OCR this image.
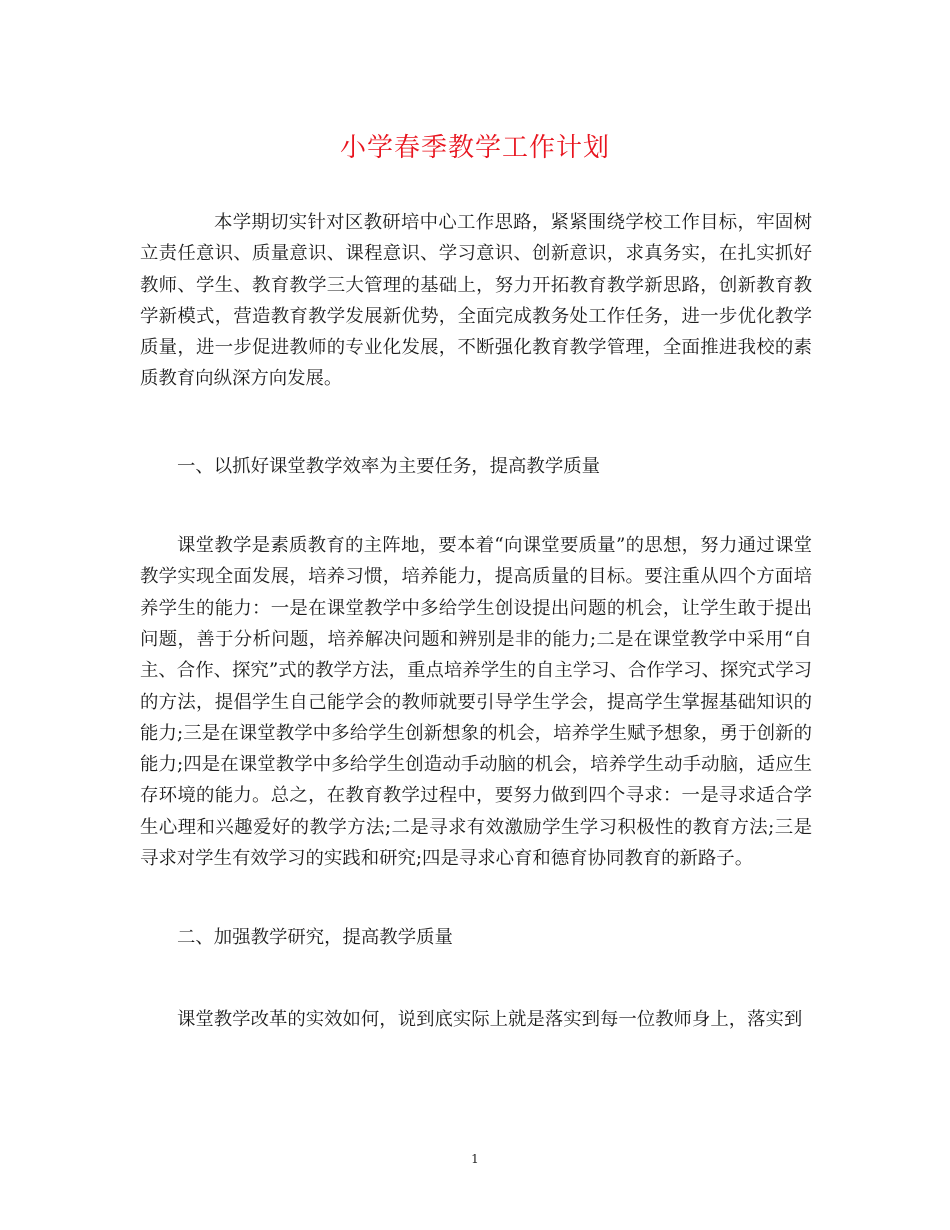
小学春季教学工作计划

本学期切实针对区教研培中心工作思路，紧紧围绕学校工作目标，牢固树立责任意识、质量意识、课程意识、学习意识、创新意识，求真务实，在扎实抓好教师、学生、教育教学三大管理的基础上，努力开拓教育教学新思路，创新教育教学新模式，营造教育教学发展新优势，全面完成教务处工作任务，进一步优化教学质量，进一步促进教师的专业化发展，不断强化教育教学管理，全面推进我校的素质教育向纵深方向发展。

一、以抓好课堂教学效率为主要任务，提高教学质量

课堂教学是素质教育的主阵地，要本着“向课堂要质量”的思想，努力通过课堂教学实现全面发展，培养习惯，培养能力，提高质量的目标。要注重从四个方面培养学生的能力：一是在课堂教学中多给学生创设提出问题的机会，让学生敢于提出问题，善于分析问题，培养解决问题和辨别是非的能力;二是在课堂教学中采用“自主、合作、探究”式的教学方法，重点培养学生的自主学习、合作学习、探究式学习的方法，提倡学生自己能学会的教师就要引导学生学会，提高学生掌握基础知识的能力;三是在课堂教学中多给学生创新想象的机会，培养学生赋予想象，勇于创新的能力;四是在课堂教学中多给学生创造动手动脑的机会，培养学生动手动脑，适应生存环境的能力。总之，在教育教学过程中，要努力做到四个寻求：一是寻求适合学生心理和兴趣爱好的教学方法;二是寻求有效激励学生学习积极性的教育方法;三是寻求对学生有效学习的实践和研究;四是寻求心育和德育协同教育的新路子。

二、加强教学研究，提高教学质量

课堂教学改革的实效如何，说到底实际上就是落实到每一位教师身上，落实到

1
